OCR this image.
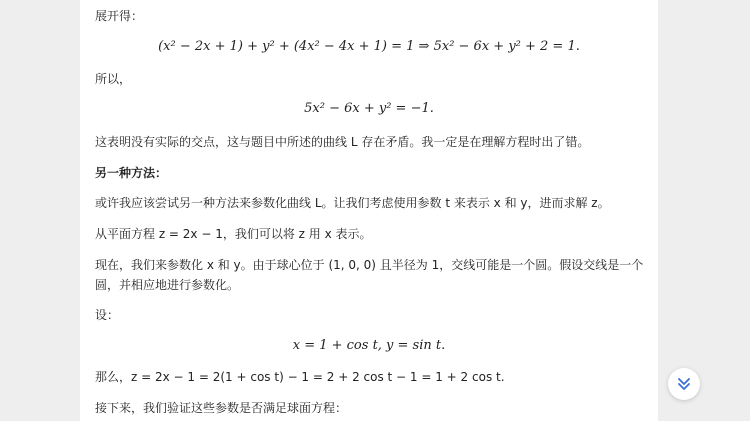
展开得：
(x² − 2x + 1) + y² + (4x² − 4x + 1) = 1 ⇒ 5x² − 6x + y² + 2 = 1.
所以，
5x² − 6x + y² = −1.
这表明没有实际的交点，这与题目中所述的曲线 L 存在矛盾。我一定是在理解方程时出了错。
另一种方法：
或许我应该尝试另一种方法来参数化曲线 L。让我们考虑使用参数 t 来表示 x 和 y，进而求解 z。
从平面方程 z = 2x − 1，我们可以将 z 用 x 表示。
现在，我们来参数化 x 和 y。由于球心位于 (1, 0, 0) 且半径为 1，交线可能是一个圆。假设交线是一个
圆，并相应地进行参数化。
设：
x = 1 + cos t, y = sin t.
那么，z = 2x − 1 = 2(1 + cos t) − 1 = 2 + 2 cos t − 1 = 1 + 2 cos t.
接下来，我们验证这些参数是否满足球面方程：
